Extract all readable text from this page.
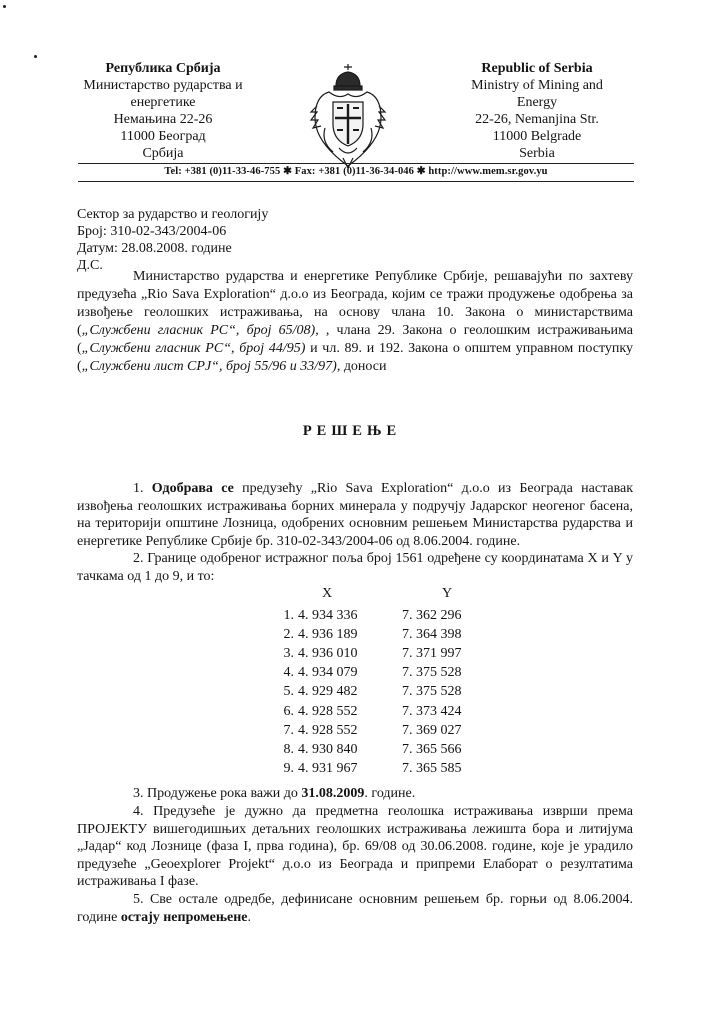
Република Србија
Министарство рударства и
енергетике
Немањина 22-26
11000 Београд
Србија
Republic of Serbia
Ministry of Mining and
Energy
22-26, Nemanjina Str.
11000 Belgrade
Serbia
Tel: +381 (0)11-33-46-755 ✱ Fax: +381 (0)11-36-34-046 ✱ http://www.mem.sr.gov.yu
Сектор за рударство и геологију
Број: 310-02-343/2004-06
Датум: 28.08.2008. године
Д.С.
Министарство рударства и енергетике Републике Србије, решавајући по захтеву предузећа „Rio Sava Exploration“ д.о.о из Београда, којим се тражи продужење одобрења за извођење геолошких истраживања, на основу члана 10. Закона о министарствима („Службени гласник РС“, број 65/08), , члана 29. Закона о геолошким истраживањима („Службени гласник РС“, број 44/95) и чл. 89. и 192. Закона о општем управном поступку („Службени лист СРЈ“, број 55/96 и 33/97), доноси
РЕШЕЊЕ
1. Одобрава се предузећу „Rio Sava Exploration“ д.о.о из Београда наставак извођења геолошких истраживања борних минерала у подручју Јадарског неогеног басена, на територији општине Лозница, одобрених основним решењем Министарства рударства и енергетике Републике Србије бр. 310-02-343/2004-06 од 8.06.2004. године.
2. Границе одобреног истражног поља број 1561 одређене су координатама X и Y у тачкама од 1 до 9, и то:
X	Y
1. 4. 934 336	7. 362 296
2. 4. 936 189	7. 364 398
3. 4. 936 010	7. 371 997
4. 4. 934 079	7. 375 528
5. 4. 929 482	7. 375 528
6. 4. 928 552	7. 373 424
7. 4. 928 552	7. 369 027
8. 4. 930 840	7. 365 566
9. 4. 931 967	7. 365 585
3. Продужење рока важи до 31.08.2009. године.
4. Предузеће је дужно да предметна геолошка истраживања изврши према ПРОЈЕКТУ вишегодишњих детаљних геолошких истраживања лежишта бора и литијума „Јадар“ код Лознице (фаза I, прва година), бр. 69/08 од 30.06.2008. године, које је урадило предузеће „Geoexplorer Projekt“ д.о.о из Београда и припреми Елаборат о резултатима истраживања I фазе.
5. Све остале одредбе, дефинисане основним решењем бр. горњи од 8.06.2004. године остају непромењене.
